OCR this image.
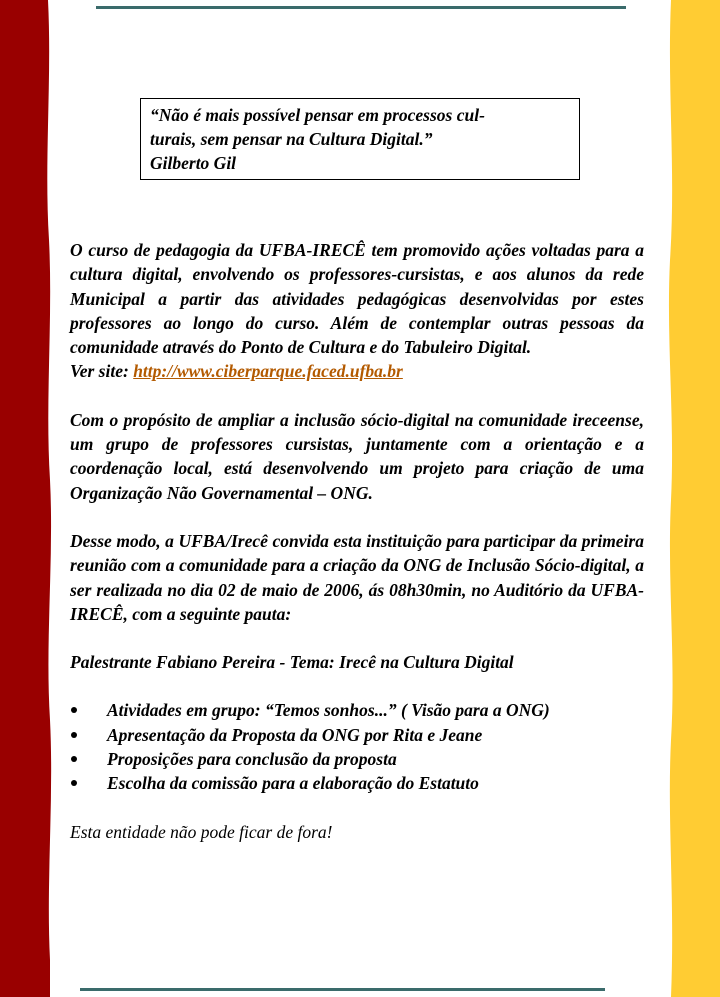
“Não é mais possível pensar em processos cul-
turais, sem pensar na Cultura Digital.”
Gilberto Gil

O curso de pedagogia da UFBA-IRECÊ tem promovido ações voltadas para a cultura digital, envolvendo os professores-cursistas, e aos alunos da rede Municipal a partir das atividades pedagógicas desenvolvidas por estes professores ao longo do curso. Além de contemplar outras pessoas da comunidade através do Ponto de Cultura e do Tabuleiro Digital.

Ver site: http://www.ciberparque.faced.ufba.br

Com o propósito de ampliar a inclusão sócio-digital na comunidade ireceense, um grupo de professores cursistas, juntamente com a orientação e a coordenação local, está desenvolvendo um projeto para criação de uma Organização Não Governamental – ONG.

Desse modo, a UFBA/Irecê convida esta instituição para participar da primeira reunião com a comunidade para a criação da ONG de Inclusão Sócio-digital, a ser realizada no dia 02 de maio de 2006, ás 08h30min, no Auditório da UFBA-IRECÊ, com a seguinte pauta:

Palestrante Fabiano Pereira - Tema: Irecê na Cultura Digital
Atividades em grupo: “Temos sonhos...” ( Visão para a ONG)
Apresentação da Proposta da ONG por Rita e Jeane
Proposições para conclusão da proposta
Escolha da comissão para a elaboração do Estatuto
Esta entidade não pode ficar de fora!
